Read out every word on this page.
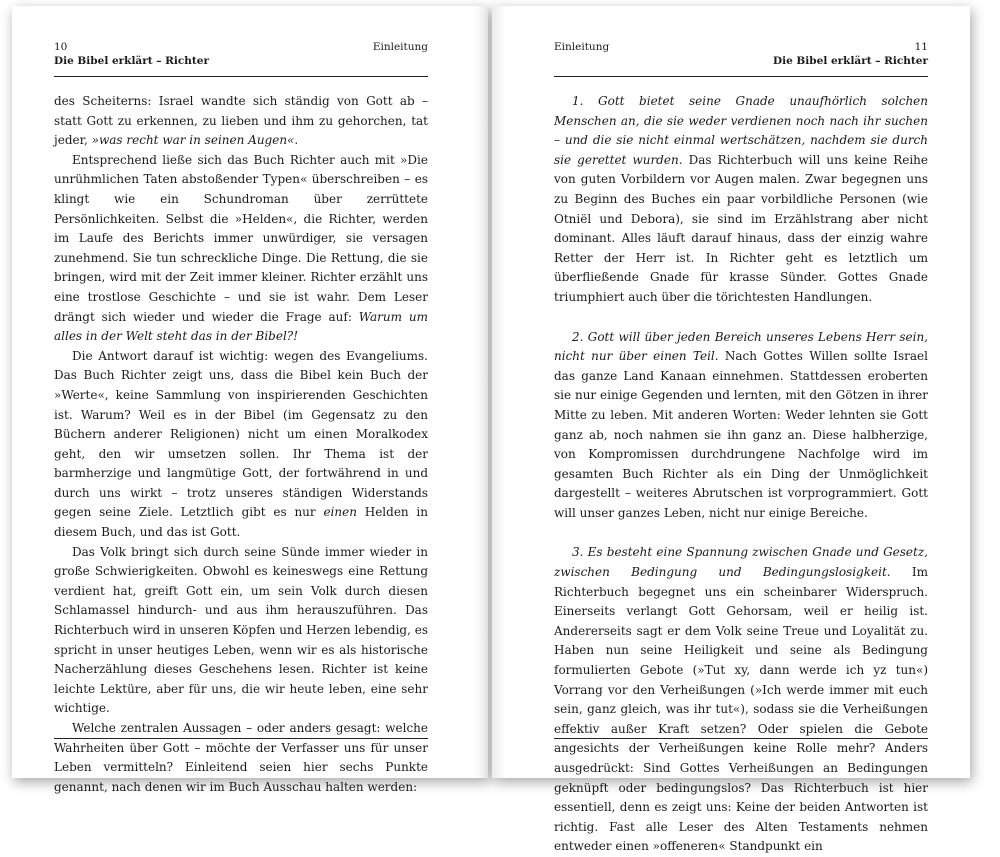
10
Die Bibel erklärt – Richter
Einleitung

des Scheiterns: Israel wandte sich ständig von Gott ab – statt Gott zu erkennen, zu lieben und ihm zu gehorchen, tat jeder, »was recht war in seinen Augen«.

Entsprechend ließe sich das Buch Richter auch mit »Die unrühmlichen Taten abstoßender Typen« überschreiben – es klingt wie ein Schundroman über zerrüttete Persönlichkeiten. Selbst die »Helden«, die Richter, werden im Laufe des Berichts immer unwürdiger, sie versagen zunehmend. Sie tun schreckliche Dinge. Die Rettung, die sie bringen, wird mit der Zeit immer kleiner. Richter erzählt uns eine trostlose Geschichte – und sie ist wahr. Dem Leser drängt sich wieder und wieder die Frage auf: Warum um alles in der Welt steht das in der Bibel?!

Die Antwort darauf ist wichtig: wegen des Evangeliums. Das Buch Richter zeigt uns, dass die Bibel kein Buch der »Werte«, keine Sammlung von inspirierenden Geschichten ist. Warum? Weil es in der Bibel (im Gegensatz zu den Büchern anderer Religionen) nicht um einen Moralkodex geht, den wir umsetzen sollen. Ihr Thema ist der barmherzige und langmütige Gott, der fortwährend in und durch uns wirkt – trotz unseres ständigen Widerstands gegen seine Ziele. Letztlich gibt es nur einen Helden in diesem Buch, und das ist Gott.

Das Volk bringt sich durch seine Sünde immer wieder in große Schwierigkeiten. Obwohl es keineswegs eine Rettung verdient hat, greift Gott ein, um sein Volk durch diesen Schlamassel hindurch- und aus ihm herauszuführen. Das Richterbuch wird in unseren Köpfen und Herzen lebendig, es spricht in unser heutiges Leben, wenn wir es als historische Nacherzählung dieses Geschehens lesen. Richter ist keine leichte Lektüre, aber für uns, die wir heute leben, eine sehr wichtige.

Welche zentralen Aussagen – oder anders gesagt: welche Wahrheiten über Gott – möchte der Verfasser uns für unser Leben vermitteln? Einleitend seien hier sechs Punkte genannt, nach denen wir im Buch Ausschau halten werden:

Einleitung	11
Die Bibel erklärt – Richter

1. Gott bietet seine Gnade unaufhörlich solchen Menschen an, die sie weder verdienen noch nach ihr suchen – und die sie nicht einmal wertschätzen, nachdem sie durch sie gerettet wurden. Das Richterbuch will uns keine Reihe von guten Vorbildern vor Augen malen. Zwar begegnen uns zu Beginn des Buches ein paar vorbildliche Personen (wie Otniël und Debora), sie sind im Erzählstrang aber nicht dominant. Alles läuft darauf hinaus, dass der einzig wahre Retter der Herr ist. In Richter geht es letztlich um überfließende Gnade für krasse Sünder. Gottes Gnade triumphiert auch über die törichtesten Handlungen.

2. Gott will über jeden Bereich unseres Lebens Herr sein, nicht nur über einen Teil. Nach Gottes Willen sollte Israel das ganze Land Kanaan einnehmen. Stattdessen eroberten sie nur einige Gegenden und lernten, mit den Götzen in ihrer Mitte zu leben. Mit anderen Worten: Weder lehnten sie Gott ganz ab, noch nahmen sie ihn ganz an. Diese halbherzige, von Kompromissen durchdrungene Nachfolge wird im gesamten Buch Richter als ein Ding der Unmöglichkeit dargestellt – weiteres Abrutschen ist vorprogrammiert. Gott will unser ganzes Leben, nicht nur einige Bereiche.

3. Es besteht eine Spannung zwischen Gnade und Gesetz, zwischen Bedingung und Bedingungslosigkeit. Im Richterbuch begegnet uns ein scheinbarer Widerspruch. Einerseits verlangt Gott Gehorsam, weil er heilig ist. Andererseits sagt er dem Volk seine Treue und Loyalität zu. Haben nun seine Heiligkeit und seine als Bedingung formulierten Gebote (»Tut xy, dann werde ich yz tun«) Vorrang vor den Verheißungen (»Ich werde immer mit euch sein, ganz gleich, was ihr tut«), sodass sie die Verheißungen effektiv außer Kraft setzen? Oder spielen die Gebote angesichts der Verheißungen keine Rolle mehr? Anders ausgedrückt: Sind Gottes Verheißungen an Bedingungen geknüpft oder bedingungslos? Das Richterbuch ist hier essentiell, denn es zeigt uns: Keine der beiden Antworten ist richtig. Fast alle Leser des Alten Testaments nehmen entweder einen »offeneren« Standpunkt ein
